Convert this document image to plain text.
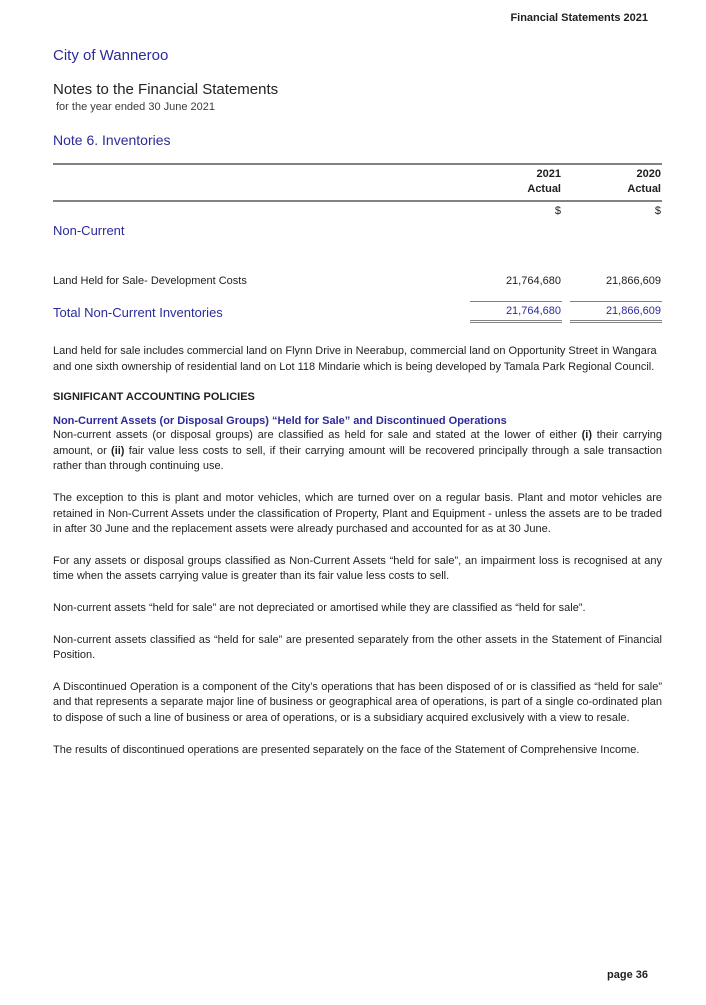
Financial Statements 2021
City of Wanneroo
Notes to the Financial Statements
for the year ended 30 June 2021
Note 6. Inventories
2021
Actual
2020
Actual
$	$
Non-Current
Land Held for Sale- Development Costs	21,764,680	21,866,609
Total Non-Current Inventories	21,764,680	21,866,609
Land held for sale includes commercial land on Flynn Drive in Neerabup, commercial land on Opportunity Street in Wangara and one sixth ownership of residential land on Lot 118 Mindarie which is being developed by Tamala Park Regional Council.
SIGNIFICANT ACCOUNTING POLICIES
Non-Current Assets (or Disposal Groups) “Held for Sale” and Discontinued Operations

Non-current assets (or disposal groups) are classified as held for sale and stated at the lower of either (i) their carrying amount, or (ii) fair value less costs to sell, if their carrying amount will be recovered principally through a sale transaction rather than through continuing use.

The exception to this is plant and motor vehicles, which are turned over on a regular basis. Plant and motor vehicles are retained in Non-Current Assets under the classification of Property, Plant and Equipment - unless the assets are to be traded in after 30 June and the replacement assets were already purchased and accounted for as at 30 June.

For any assets or disposal groups classified as Non-Current Assets “held for sale”, an impairment loss is recognised at any time when the assets carrying value is greater than its fair value less costs to sell.

Non-current assets “held for sale” are not depreciated or amortised while they are classified as “held for sale”.

Non-current assets classified as “held for sale” are presented separately from the other assets in the Statement of Financial Position.

A Discontinued Operation is a component of the City’s operations that has been disposed of or is classified as “held for sale” and that represents a separate major line of business or geographical area of operations, is part of a single co-ordinated plan to dispose of such a line of business or area of operations, or is a subsidiary acquired exclusively with a view to resale.

The results of discontinued operations are presented separately on the face of the Statement of Comprehensive Income.

page 36
